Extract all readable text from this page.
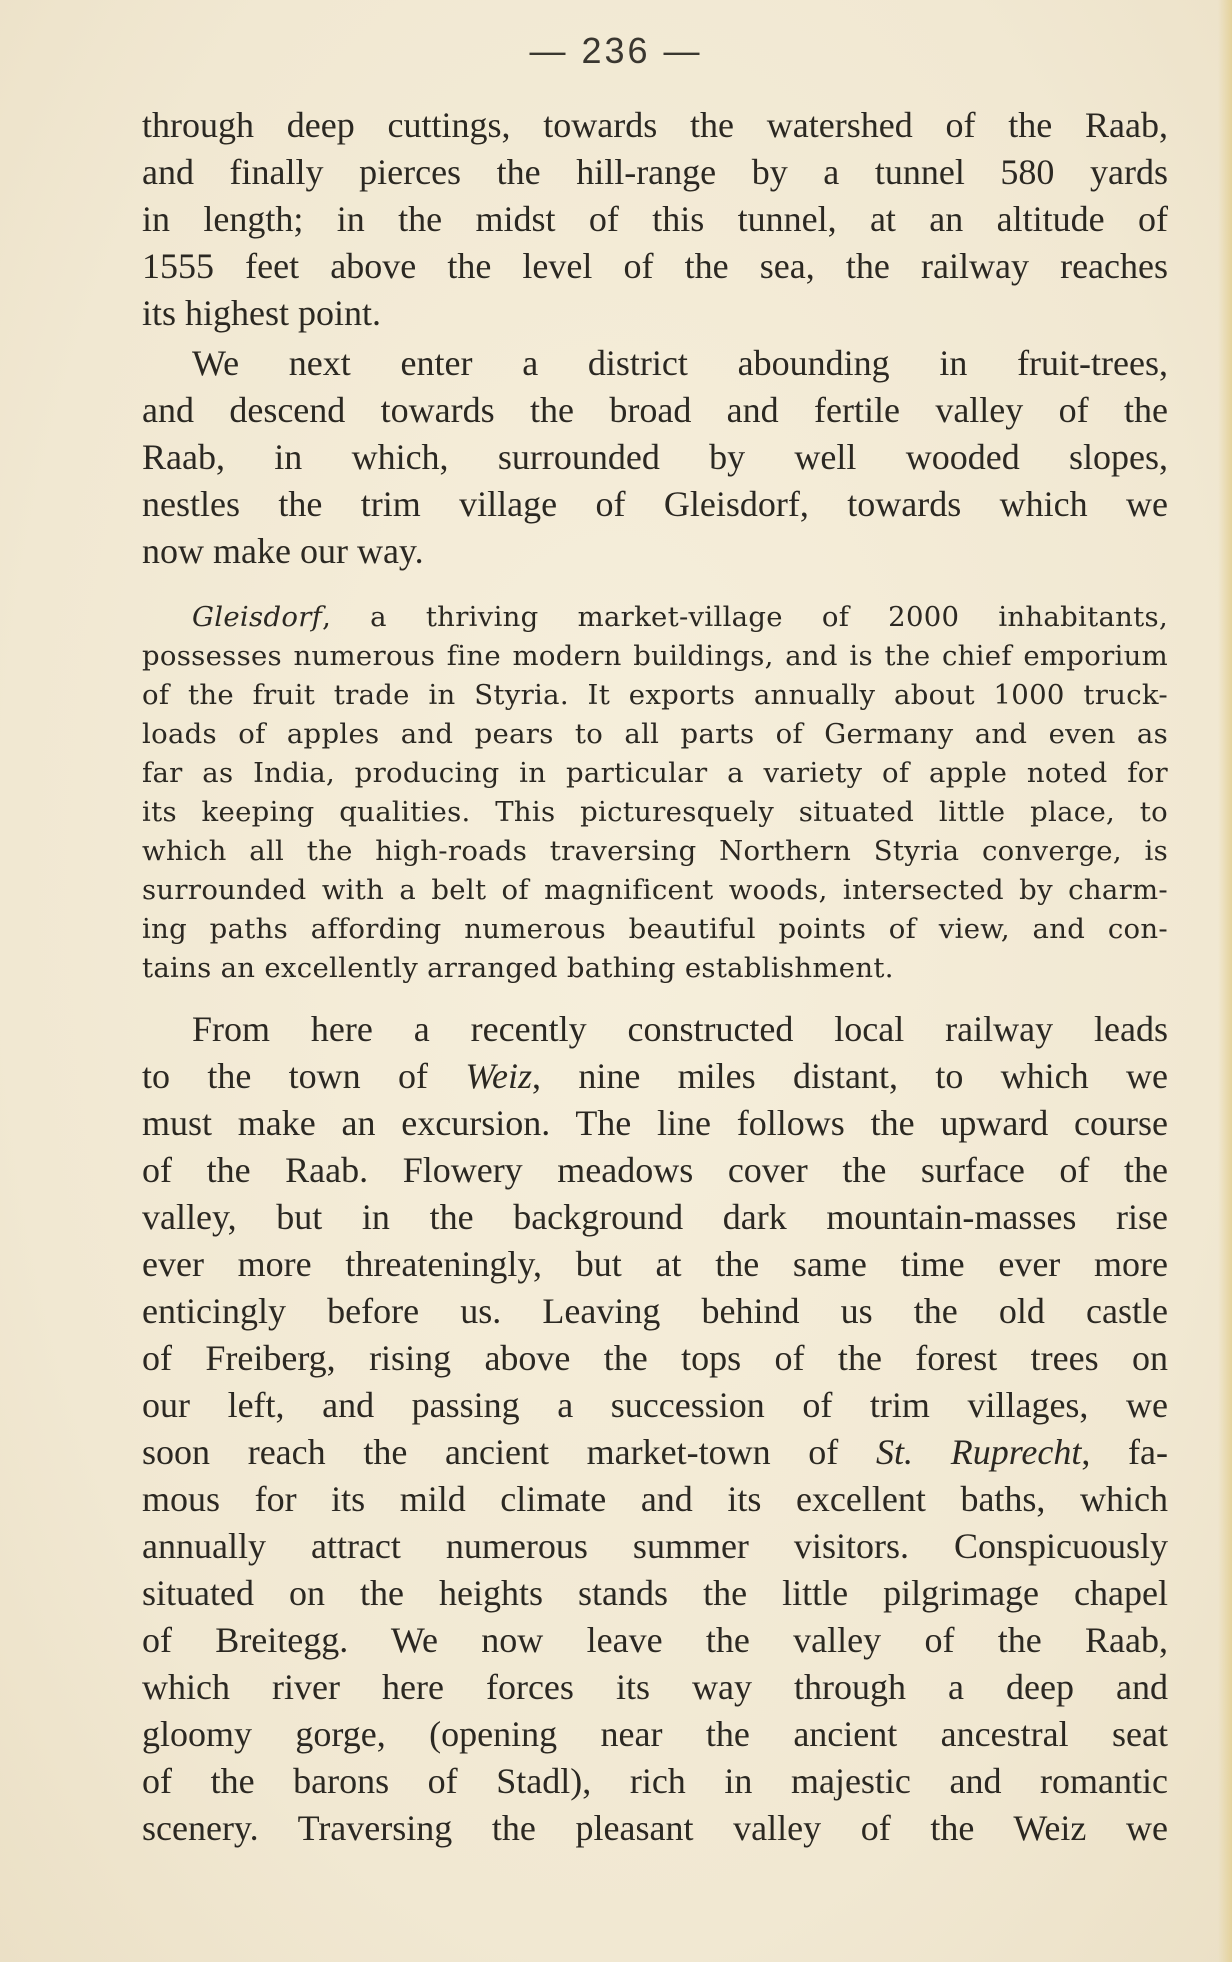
— 236 —
through deep cuttings, towards the watershed of the Raab,
and finally pierces the hill-range by a tunnel 580 yards
in length; in the midst of this tunnel, at an altitude of
1555 feet above the level of the sea, the railway reaches
its highest point.
We next enter a district abounding in fruit-trees,
and descend towards the broad and fertile valley of the
Raab, in which, surrounded by well wooded slopes,
nestles the trim village of Gleisdorf, towards which we
now make our way.
Gleisdorf, a thriving market-village of 2000 inhabitants,
possesses numerous fine modern buildings, and is the chief emporium
of the fruit trade in Styria. It exports annually about 1000 truck-
loads of apples and pears to all parts of Germany and even as
far as India, producing in particular a variety of apple noted for
its keeping qualities. This picturesquely situated little place, to
which all the high-roads traversing Northern Styria converge, is
surrounded with a belt of magnificent woods, intersected by charm-
ing paths affording numerous beautiful points of view, and con-
tains an excellently arranged bathing establishment.
From here a recently constructed local railway leads
to the town of Weiz, nine miles distant, to which we
must make an excursion. The line follows the upward course
of the Raab. Flowery meadows cover the surface of the
valley, but in the background dark mountain-masses rise
ever more threateningly, but at the same time ever more
enticingly before us. Leaving behind us the old castle
of Freiberg, rising above the tops of the forest trees on
our left, and passing a succession of trim villages, we
soon reach the ancient market-town of St. Ruprecht, fa-
mous for its mild climate and its excellent baths, which
annually attract numerous summer visitors. Conspicuously
situated on the heights stands the little pilgrimage chapel
of Breitegg. We now leave the valley of the Raab,
which river here forces its way through a deep and
gloomy gorge, (opening near the ancient ancestral seat
of the barons of Stadl), rich in majestic and romantic
scenery. Traversing the pleasant valley of the Weiz we
